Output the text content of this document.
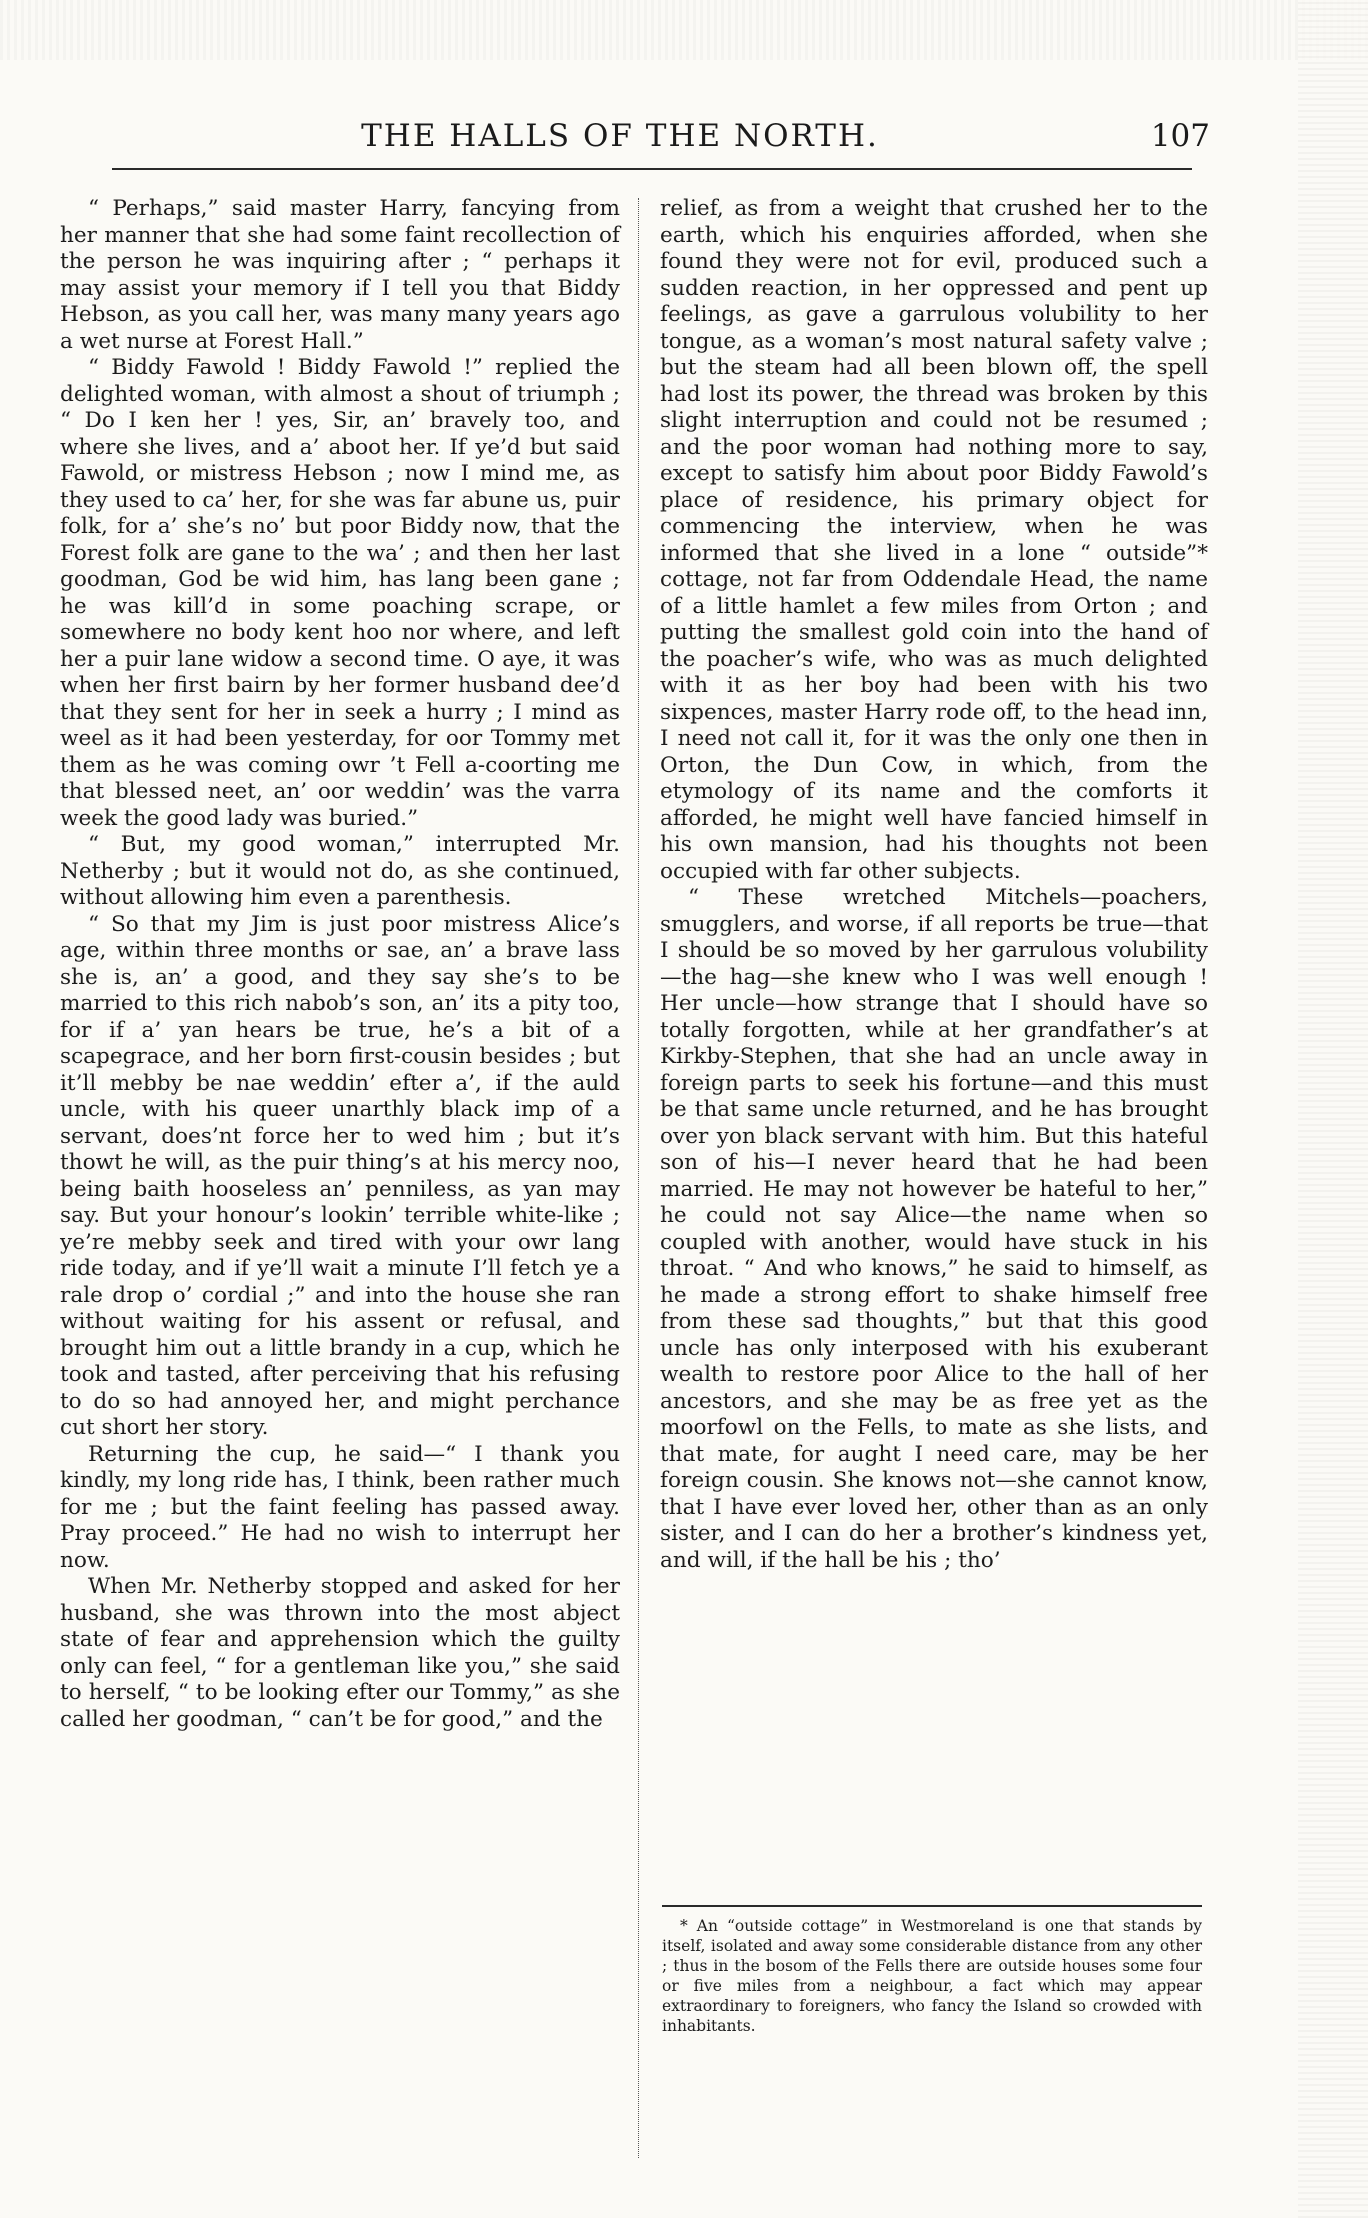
THE HALLS OF THE NORTH.	107

“ Perhaps,” said master Harry, fancying from her manner that she had some faint recollection of the person he was inquiring after ; “ perhaps it may assist your memory if I tell you that Biddy Hebson, as you call her, was many many years ago a wet nurse at Forest Hall.”

“ Biddy Fawold ! Biddy Fawold !” replied the delighted woman, with almost a shout of triumph ; “ Do I ken her ! yes, Sir, an’ bravely too, and where she lives, and a’ aboot her. If ye’d but said Fawold, or mistress Hebson ; now I mind me, as they used to ca’ her, for she was far abune us, puir folk, for a’ she’s no’ but poor Biddy now, that the Forest folk are gane to the wa’ ; and then her last goodman, God be wid him, has lang been gane ; he was kill’d in some poaching scrape, or somewhere no body kent hoo nor where, and left her a puir lane widow a second time. O aye, it was when her first bairn by her former husband dee’d that they sent for her in seek a hurry ; I mind as weel as it had been yesterday, for oor Tommy met them as he was coming owr ’t Fell a-coorting me that blessed neet, an’ oor weddin’ was the varra week the good lady was buried.”

“ But, my good woman,” interrupted Mr. Netherby ; but it would not do, as she continued, without allowing him even a parenthesis.

“ So that my Jim is just poor mistress Alice’s age, within three months or sae, an’ a brave lass she is, an’ a good, and they say she’s to be married to this rich nabob’s son, an’ its a pity too, for if a’ yan hears be true, he’s a bit of a scapegrace, and her born first-cousin besides ; but it’ll mebby be nae weddin’ efter a’, if the auld uncle, with his queer unarthly black imp of a servant, does’nt force her to wed him ; but it’s thowt he will, as the puir thing’s at his mercy noo, being baith hooseless an’ penniless, as yan may say. But your honour’s lookin’ terrible white-like ; ye’re mebby seek and tired with your owr lang ride today, and if ye’ll wait a minute I’ll fetch ye a rale drop o’ cordial ;” and into the house she ran without waiting for his assent or refusal, and brought him out a little brandy in a cup, which he took and tasted, after perceiving that his refusing to do so had annoyed her, and might perchance cut short her story.

Returning the cup, he said—“ I thank you kindly, my long ride has, I think, been rather much for me ; but the faint feeling has passed away. Pray proceed.” He had no wish to interrupt her now.

When Mr. Netherby stopped and asked for her husband, she was thrown into the most abject state of fear and apprehension which the guilty only can feel, “ for a gentleman like you,” she said to herself, “ to be looking efter our Tommy,” as she called her goodman, “ can’t be for good,” and the

relief, as from a weight that crushed her to the earth, which his enquiries afforded, when she found they were not for evil, produced such a sudden reaction, in her oppressed and pent up feelings, as gave a garrulous volubility to her tongue, as a woman’s most natural safety valve ; but the steam had all been blown off, the spell had lost its power, the thread was broken by this slight interruption and could not be resumed ; and the poor woman had nothing more to say, except to satisfy him about poor Biddy Fawold’s place of residence, his primary object for commencing the interview, when he was informed that she lived in a lone “ outside”* cottage, not far from Oddendale Head, the name of a little hamlet a few miles from Orton ; and putting the smallest gold coin into the hand of the poacher’s wife, who was as much delighted with it as her boy had been with his two sixpences, master Harry rode off, to the head inn, I need not call it, for it was the only one then in Orton, the Dun Cow, in which, from the etymology of its name and the comforts it afforded, he might well have fancied himself in his own mansion, had his thoughts not been occupied with far other subjects.

“ These wretched Mitchels—poachers, smugglers, and worse, if all reports be true—that I should be so moved by her garrulous volubility—the hag—she knew who I was well enough ! Her uncle—how strange that I should have so totally forgotten, while at her grandfather’s at Kirkby-Stephen, that she had an uncle away in foreign parts to seek his fortune—and this must be that same uncle returned, and he has brought over yon black servant with him. But this hateful son of his—I never heard that he had been married. He may not however be hateful to her,” he could not say Alice—the name when so coupled with another, would have stuck in his throat. “ And who knows,” he said to himself, as he made a strong effort to shake himself free from these sad thoughts,” but that this good uncle has only interposed with his exuberant wealth to restore poor Alice to the hall of her ancestors, and she may be as free yet as the moorfowl on the Fells, to mate as she lists, and that mate, for aught I need care, may be her foreign cousin. She knows not—she cannot know, that I have ever loved her, other than as an only sister, and I can do her a brother’s kindness yet, and will, if the hall be his ; tho’

* An “outside cottage” in Westmoreland is one that stands by itself, isolated and away some considerable distance from any other ; thus in the bosom of the Fells there are outside houses some four or five miles from a neighbour, a fact which may appear extraordinary to foreigners, who fancy the Island so crowded with inhabitants.
